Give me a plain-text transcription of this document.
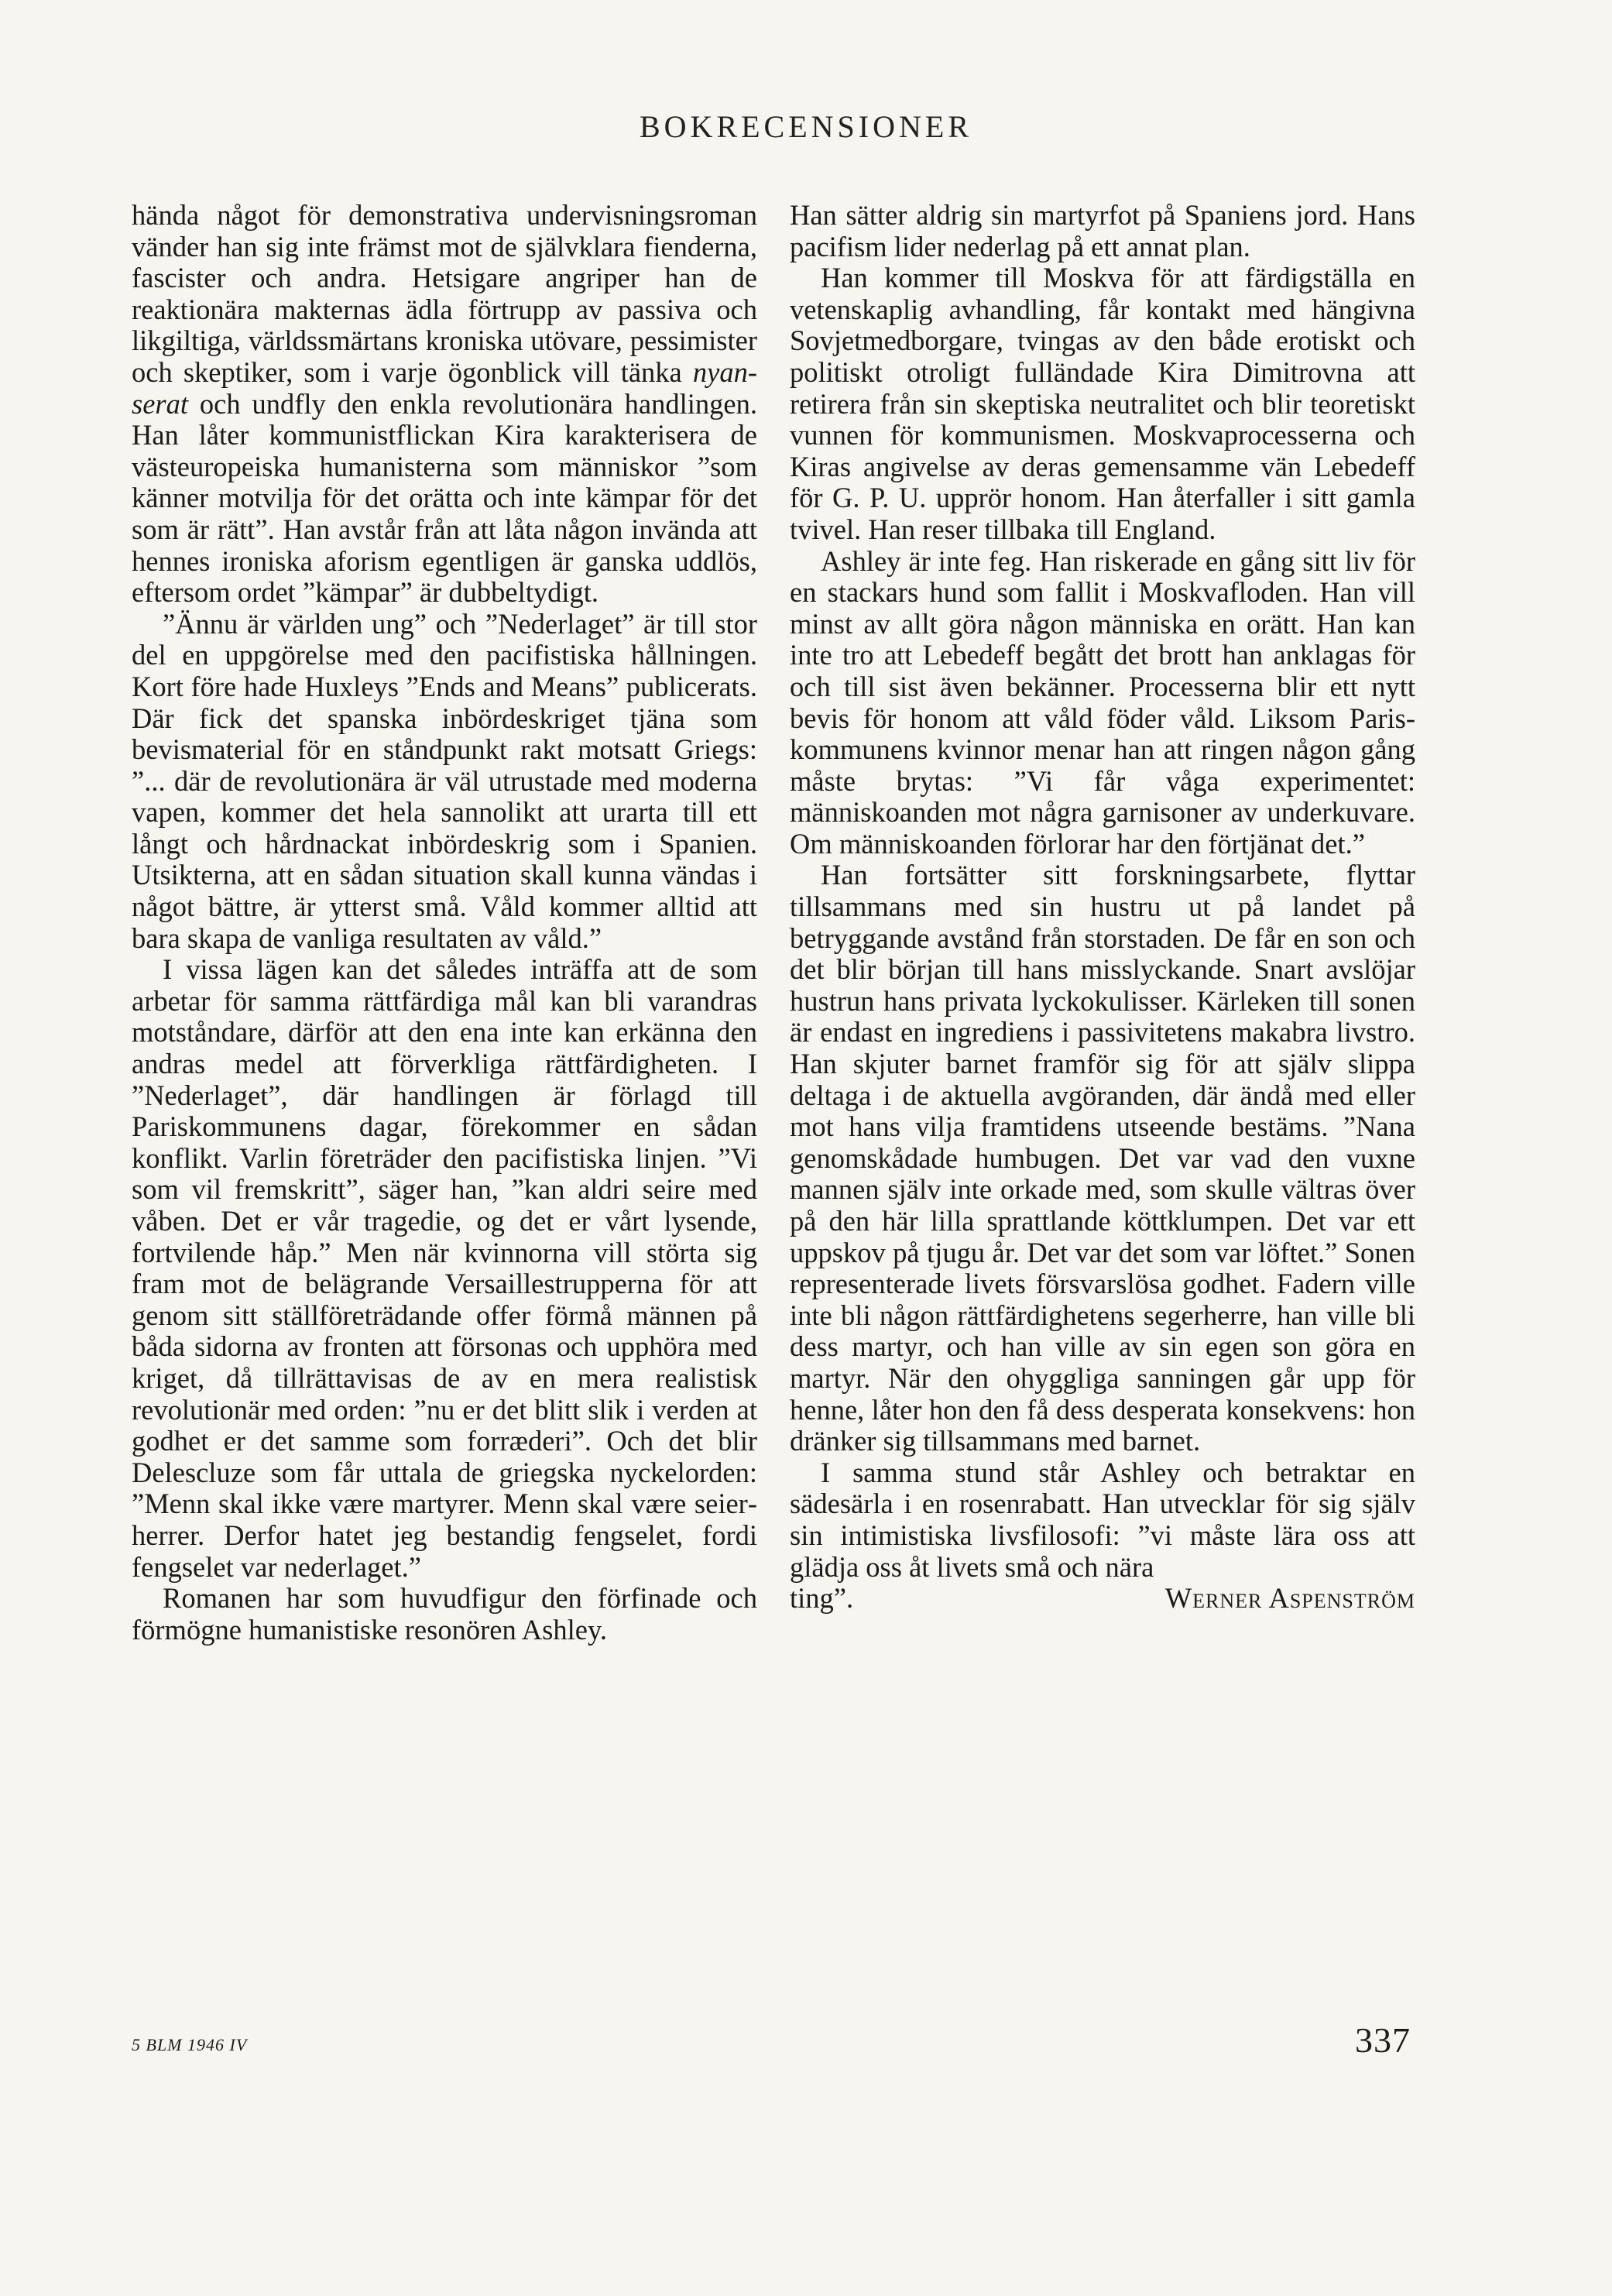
BOKRECENSIONER

hända något för demonstrativa undervisningsroman vänder han sig inte främst mot de självklara fienderna, fascister och andra. Hetsigare angriper han de reaktionära makternas ädla förtrupp av passiva och likgiltiga, världssmärtans kroniska utövare, pessimister och skeptiker, som i varje ögonblick vill tänka nyanserat och undfly den enkla revolutionära handlingen. Han låter kommunistflickan Kira karakterisera de västeuropeiska humanisterna som människor ”som känner motvilja för det orätta och inte kämpar för det som är rätt”. Han avstår från att låta någon invända att hennes ironiska aforism egentligen är ganska uddlös, eftersom ordet ”kämpar” är dubbeltydigt.

”Ännu är världen ung” och ”Nederlaget” är till stor del en uppgörelse med den pacifistiska hållningen. Kort före hade Huxleys ”Ends and Means” publicerats. Där fick det spanska inbördeskriget tjäna som bevismaterial för en ståndpunkt rakt motsatt Griegs: ”... där de revolutionära är väl utrustade med moderna vapen, kommer det hela sannolikt att urarta till ett långt och hårdnackat inbördeskrig som i Spanien. Utsikterna, att en sådan situation skall kunna vändas i något bättre, är ytterst små. Våld kommer alltid att bara skapa de vanliga resultaten av våld.”

I vissa lägen kan det således inträffa att de som arbetar för samma rättfärdiga mål kan bli varandras motståndare, därför att den ena inte kan erkänna den andras medel att förverkliga rättfärdigheten. I ”Nederlaget”, där handlingen är förlagd till Pariskommunens dagar, förekommer en sådan konflikt. Varlin företräder den pacifistiska linjen. ”Vi som vil fremskritt”, säger han, ”kan aldri seire med våben. Det er vår tragedie, og det er vårt lysende, fortvilende håp.” Men när kvinnorna vill störta sig fram mot de belägrande Versaillestrupperna för att genom sitt ställföreträdande offer förmå männen på båda sidorna av fronten att försonas och upphöra med kriget, då tillrättavisas de av en mera realistisk revolutionär med orden: ”nu er det blitt slik i verden at godhet er det samme som forræderi”. Och det blir Delescluze som får uttala de griegska nyckelorden: ”Menn skal ikke være martyrer. Menn skal være seierherrer. Derfor hatet jeg bestandig fengselet, fordi fengselet var nederlaget.”

Romanen har som huvudfigur den förfinade och förmögne humanistiske resonören Ashley.

Han sätter aldrig sin martyrfot på Spaniens jord. Hans pacifism lider nederlag på ett annat plan.

Han kommer till Moskva för att färdigställa en vetenskaplig avhandling, får kontakt med hängivna Sovjetmedborgare, tvingas av den både erotiskt och politiskt otroligt fulländade Kira Dimitrovna att retirera från sin skeptiska neutralitet och blir teoretiskt vunnen för kommunismen. Moskvaprocesserna och Kiras angivelse av deras gemensamme vän Lebedeff för G. P. U. upprör honom. Han återfaller i sitt gamla tvivel. Han reser tillbaka till England.

Ashley är inte feg. Han riskerade en gång sitt liv för en stackars hund som fallit i Moskvafloden. Han vill minst av allt göra någon människa en orätt. Han kan inte tro att Lebedeff begått det brott han anklagas för och till sist även bekänner. Processerna blir ett nytt bevis för honom att våld föder våld. Liksom Pariskommunens kvinnor menar han att ringen någon gång måste brytas: ”Vi får våga experimentet: människoanden mot några garnisoner av underkuvare. Om människoanden förlorar har den förtjänat det.”

Han fortsätter sitt forskningsarbete, flyttar tillsammans med sin hustru ut på landet på betryggande avstånd från storstaden. De får en son och det blir början till hans misslyckande. Snart avslöjar hustrun hans privata lyckokulisser. Kärleken till sonen är endast en ingrediens i passivitetens makabra livstro. Han skjuter barnet framför sig för att själv slippa deltaga i de aktuella avgöranden, där ändå med eller mot hans vilja framtidens utseende bestäms. ”Nana genomskådade humbugen. Det var vad den vuxne mannen själv inte orkade med, som skulle vältras över på den här lilla sprattlande köttklumpen. Det var ett uppskov på tjugu år. Det var det som var löftet.” Sonen representerade livets försvarslösa godhet. Fadern ville inte bli någon rättfärdighetens segerherre, han ville bli dess martyr, och han ville av sin egen son göra en martyr. När den ohyggliga sanningen går upp för henne, låter hon den få dess desperata konsekvens: hon dränker sig tillsammans med barnet.

I samma stund står Ashley och betraktar en sädesärla i en rosenrabatt. Han utvecklar för sig själv sin intimistiska livsfilosofi: ”vi måste lära oss att glädja oss åt livets små och nära

ting”.	Werner Aspenström

5 BLM 1946 IV	337
